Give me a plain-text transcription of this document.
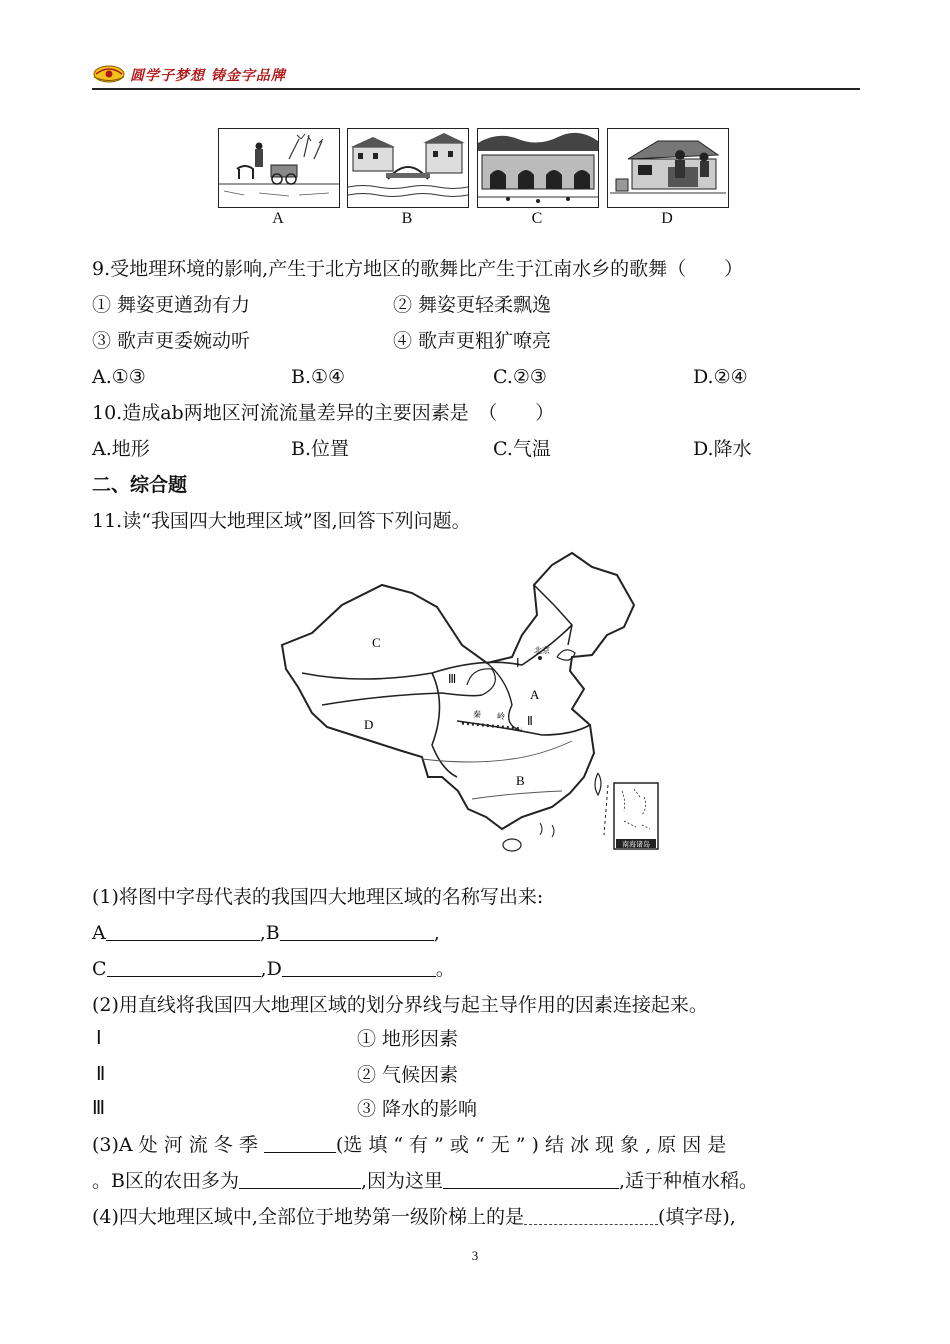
圆学子梦想 铸金字品牌
A	B	C	D
9.受地理环境的影响,产生于北方地区的歌舞比产生于江南水乡的歌舞（　　）
① 舞姿更遒劲有力	② 舞姿更轻柔飘逸
③ 歌声更委婉动听	④ 歌声更粗犷嘹亮
A.①③	B.①④	C.②③	D.②④
10.造成ab两地区河流流量差异的主要因素是　（　　）
A.地形	B.位置	C.气温	D.降水
二、综合题
11.读“我国四大地理区域”图,回答下列问题。
C
A
B
D
Ⅰ
Ⅱ
Ⅲ
北京
秦 岭
南海诸岛
(1)将图中字母代表的我国四大地理区域的名称写出来:
A	,B	,
C	,D	。
(2)用直线将我国四大地理区域的划分界线与起主导作用的因素连接起来。
Ⅰ	① 地形因素
Ⅱ	② 气候因素
Ⅲ	③ 降水的影响
(3)A 处 河 流 冬 季	(选 填 “ 有 ” 或 “ 无 ” ) 结 冰 现 象 , 原 因 是
。B区的农田多为	,因为这里	,适于种植水稻。
(4)四大地理区域中,全部位于地势第一级阶梯上的是	(填字母),
3
